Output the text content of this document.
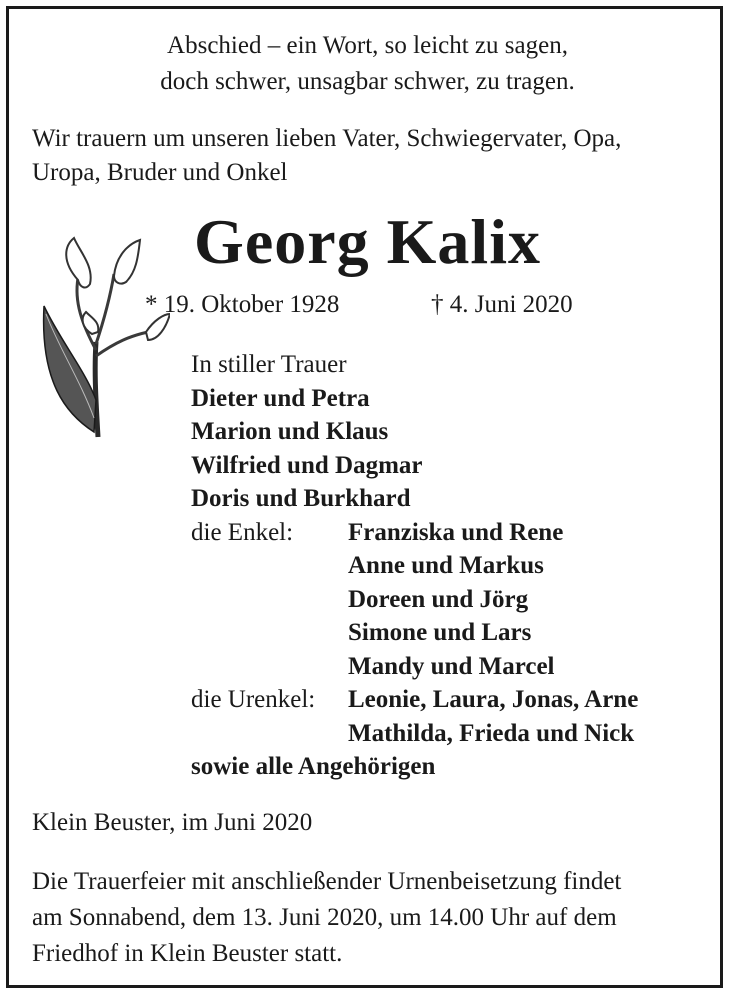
Abschied – ein Wort, so leicht zu sagen,
doch schwer, unsagbar schwer, zu tragen.
Wir trauern um unseren lieben Vater, Schwiegervater, Opa,
Uropa, Bruder und Onkel
Georg Kalix
* 19. Oktober 1928	† 4. Juni 2020
In stiller Trauer
Dieter und Petra
Marion und Klaus
Wilfried und Dagmar
Doris und Burkhard
die Enkel:	Franziska und Rene
Anne und Markus
Doreen und Jörg
Simone und Lars
Mandy und Marcel
die Urenkel:	Leonie, Laura, Jonas, Arne
Mathilda, Frieda und Nick
sowie alle Angehörigen
Klein Beuster, im Juni 2020
Die Trauerfeier mit anschließender Urnenbeisetzung findet
am Sonnabend, dem 13. Juni 2020, um 14.00 Uhr auf dem
Friedhof in Klein Beuster statt.
